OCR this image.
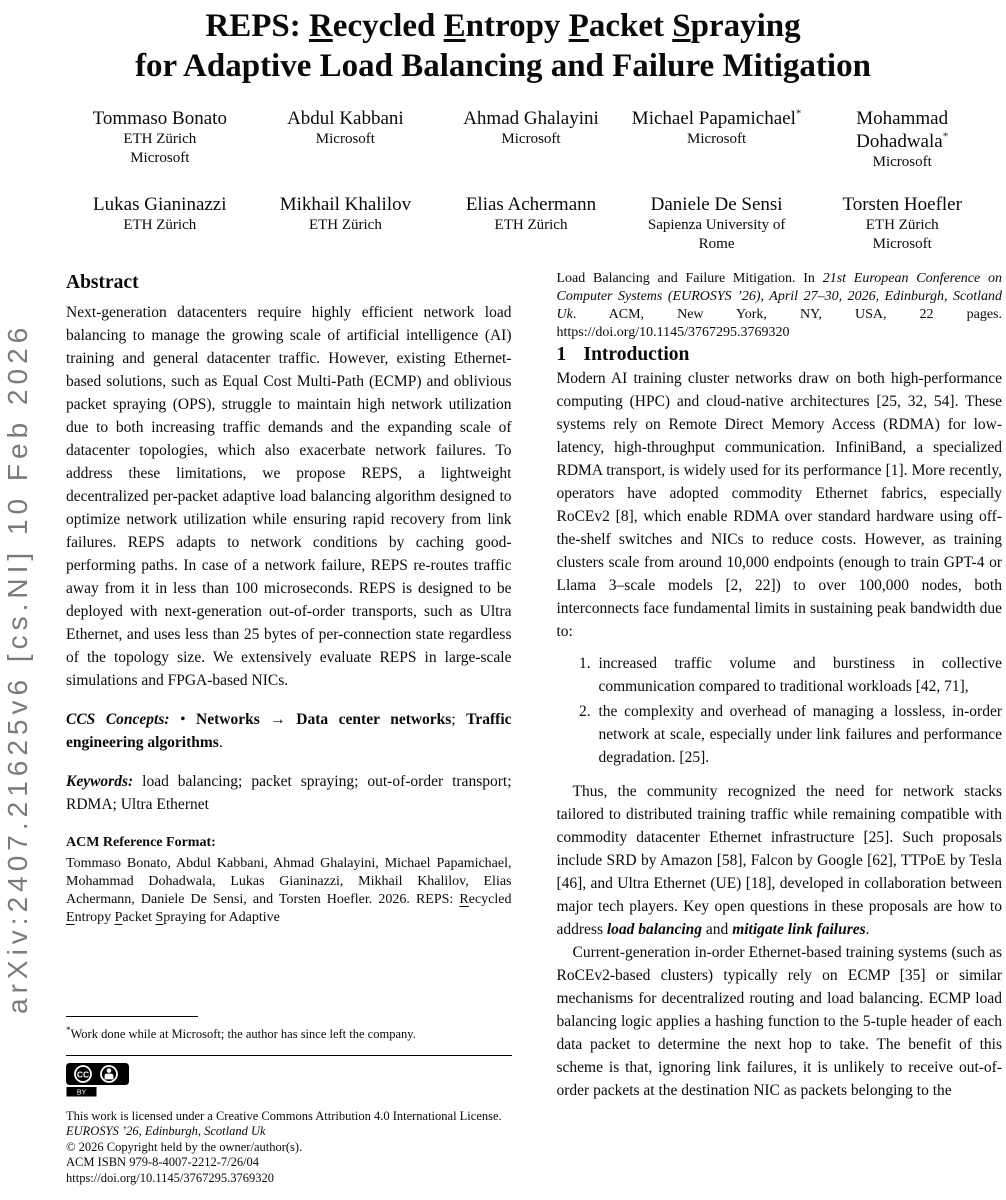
arXiv:2407.21625v6 [cs.NI] 10 Feb 2026
REPS: Recycled Entropy Packet Spraying
for Adaptive Load Balancing and Failure Mitigation
Tommaso Bonato
ETH Zürich
Microsoft
Abdul Kabbani
Microsoft
Ahmad Ghalayini
Microsoft
Michael Papamichael*
Microsoft
Mohammad Dohadwala*
Microsoft
Lukas Gianinazzi
ETH Zürich
Mikhail Khalilov
ETH Zürich
Elias Achermann
ETH Zürich
Daniele De Sensi
Sapienza University of Rome
Torsten Hoefler
ETH Zürich
Microsoft
Abstract

Next-generation datacenters require highly efficient network load balancing to manage the growing scale of artificial intelligence (AI) training and general datacenter traffic. However, existing Ethernet-based solutions, such as Equal Cost Multi-Path (ECMP) and oblivious packet spraying (OPS), struggle to maintain high network utilization due to both increasing traffic demands and the expanding scale of datacenter topologies, which also exacerbate network failures. To address these limitations, we propose REPS, a lightweight decentralized per-packet adaptive load balancing algorithm designed to optimize network utilization while ensuring rapid recovery from link failures. REPS adapts to network conditions by caching good-performing paths. In case of a network failure, REPS re-routes traffic away from it in less than 100 microseconds. REPS is designed to be deployed with next-generation out-of-order transports, such as Ultra Ethernet, and uses less than 25 bytes of per-connection state regardless of the topology size. We extensively evaluate REPS in large-scale simulations and FPGA-based NICs.

CCS Concepts: • Networks → Data center networks; Traffic engineering algorithms.

Keywords: load balancing; packet spraying; out-of-order transport; RDMA; Ultra Ethernet

ACM Reference Format:

Tommaso Bonato, Abdul Kabbani, Ahmad Ghalayini, Michael Papamichael, Mohammad Dohadwala, Lukas Gianinazzi, Mikhail Khalilov, Elias Achermann, Daniele De Sensi, and Torsten Hoefler. 2026. REPS: Recycled Entropy Packet Spraying for Adaptive

*Work done while at Microsoft; the author has since left the company.

CC
BY

This work is licensed under a Creative Commons Attribution 4.0 International License.

EUROSYS ’26, Edinburgh, Scotland Uk

© 2026 Copyright held by the owner/author(s).

ACM ISBN 979-8-4007-2212-7/26/04

https://doi.org/10.1145/3767295.3769320

Load Balancing and Failure Mitigation. In 21st European Conference on Computer Systems (EUROSYS ’26), April 27–30, 2026, Edinburgh, Scotland Uk. ACM, New York, NY, USA, 22 pages. https://doi.org/10.1145/3767295.3769320

1 Introduction

Modern AI training cluster networks draw on both high-performance computing (HPC) and cloud-native architectures [25, 32, 54]. These systems rely on Remote Direct Memory Access (RDMA) for low-latency, high-throughput communication. InfiniBand, a specialized RDMA transport, is widely used for its performance [1]. More recently, operators have adopted commodity Ethernet fabrics, especially RoCEv2 [8], which enable RDMA over standard hardware using off-the-shelf switches and NICs to reduce costs. However, as training clusters scale from around 10,000 endpoints (enough to train GPT-4 or Llama 3–scale models [2, 22]) to over 100,000 nodes, both interconnects face fundamental limits in sustaining peak bandwidth due to:

1. increased traffic volume and burstiness in collective communication compared to traditional workloads [42, 71],
2. the complexity and overhead of managing a lossless, in-order network at scale, especially under link failures and performance degradation. [25].

Thus, the community recognized the need for network stacks tailored to distributed training traffic while remaining compatible with commodity datacenter Ethernet infrastructure [25]. Such proposals include SRD by Amazon [58], Falcon by Google [62], TTPoE by Tesla [46], and Ultra Ethernet (UE) [18], developed in collaboration between major tech players. Key open questions in these proposals are how to address load balancing and mitigate link failures.

Current-generation in-order Ethernet-based training systems (such as RoCEv2-based clusters) typically rely on ECMP [35] or similar mechanisms for decentralized routing and load balancing. ECMP load balancing logic applies a hashing function to the 5-tuple header of each data packet to determine the next hop to take. The benefit of this scheme is that, ignoring link failures, it is unlikely to receive out-of-order packets at the destination NIC as packets belonging to the
